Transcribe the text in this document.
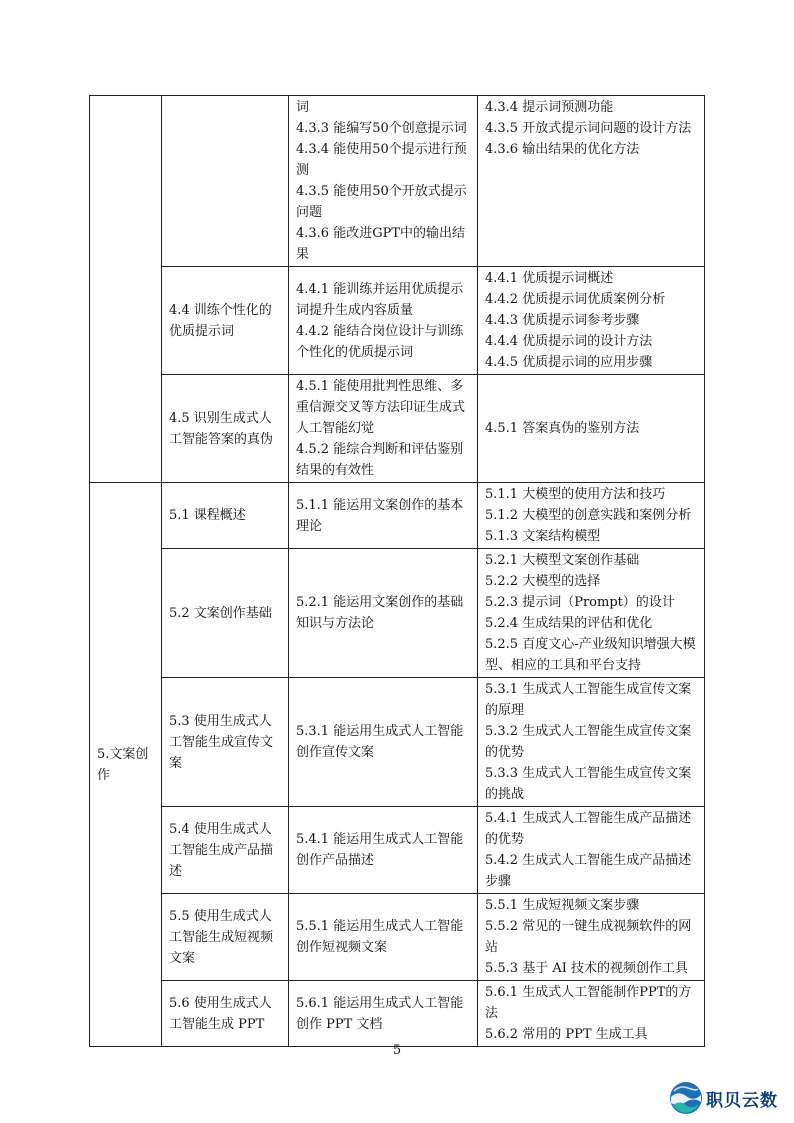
		词
4.3.3 能编写50个创意提示词
4.3.4 能使用50个提示进行预测
4.3.5 能使用50个开放式提示问题
4.3.6 能改进GPT中的输出结果	4.3.4 提示词预测功能
4.3.5 开放式提示词问题的设计方法
4.3.6 输出结果的优化方法

	4.4 训练个性化的优质提示词	4.4.1 能训练并运用优质提示词提升生成内容质量
4.4.2 能结合岗位设计与训练个性化的优质提示词	4.4.1 优质提示词概述
4.4.2 优质提示词优质案例分析
4.4.3 优质提示词参考步骤
4.4.4 优质提示词的设计方法
4.4.5 优质提示词的应用步骤

	4.5 识别生成式人工智能答案的真伪	4.5.1 能使用批判性思维、多重信源交叉等方法印证生成式人工智能幻觉
4.5.2 能综合判断和评估鉴别结果的有效性	4.5.1 答案真伪的鉴别方法

5.文案创作	5.1 课程概述	5.1.1 能运用文案创作的基本理论	5.1.1 大模型的使用方法和技巧
5.1.2 大模型的创意实践和案例分析
5.1.3 文案结构模型

	5.2 文案创作基础	5.2.1 能运用文案创作的基础知识与方法论	5.2.1 大模型文案创作基础
5.2.2 大模型的选择
5.2.3 提示词（Prompt）的设计
5.2.4 生成结果的评估和优化
5.2.5 百度文心-产业级知识增强大模型、相应的工具和平台支持

	5.3 使用生成式人工智能生成宣传文案	5.3.1 能运用生成式人工智能创作宣传文案	5.3.1 生成式人工智能生成宣传文案的原理
5.3.2 生成式人工智能生成宣传文案的优势
5.3.3 生成式人工智能生成宣传文案的挑战

	5.4 使用生成式人工智能生成产品描述	5.4.1 能运用生成式人工智能创作产品描述	5.4.1 生成式人工智能生成产品描述的优势
5.4.2 生成式人工智能生成产品描述步骤

	5.5 使用生成式人工智能生成短视频文案	5.5.1 能运用生成式人工智能创作短视频文案	5.5.1 生成短视频文案步骤
5.5.2 常见的一键生成视频软件的网站
5.5.3 基于 AI 技术的视频创作工具

	5.6 使用生成式人工智能生成 PPT	5.6.1 能运用生成式人工智能创作 PPT 文档	5.6.1 生成式人工智能制作PPT的方法
5.6.2 常用的 PPT 生成工具
5
职贝云数
